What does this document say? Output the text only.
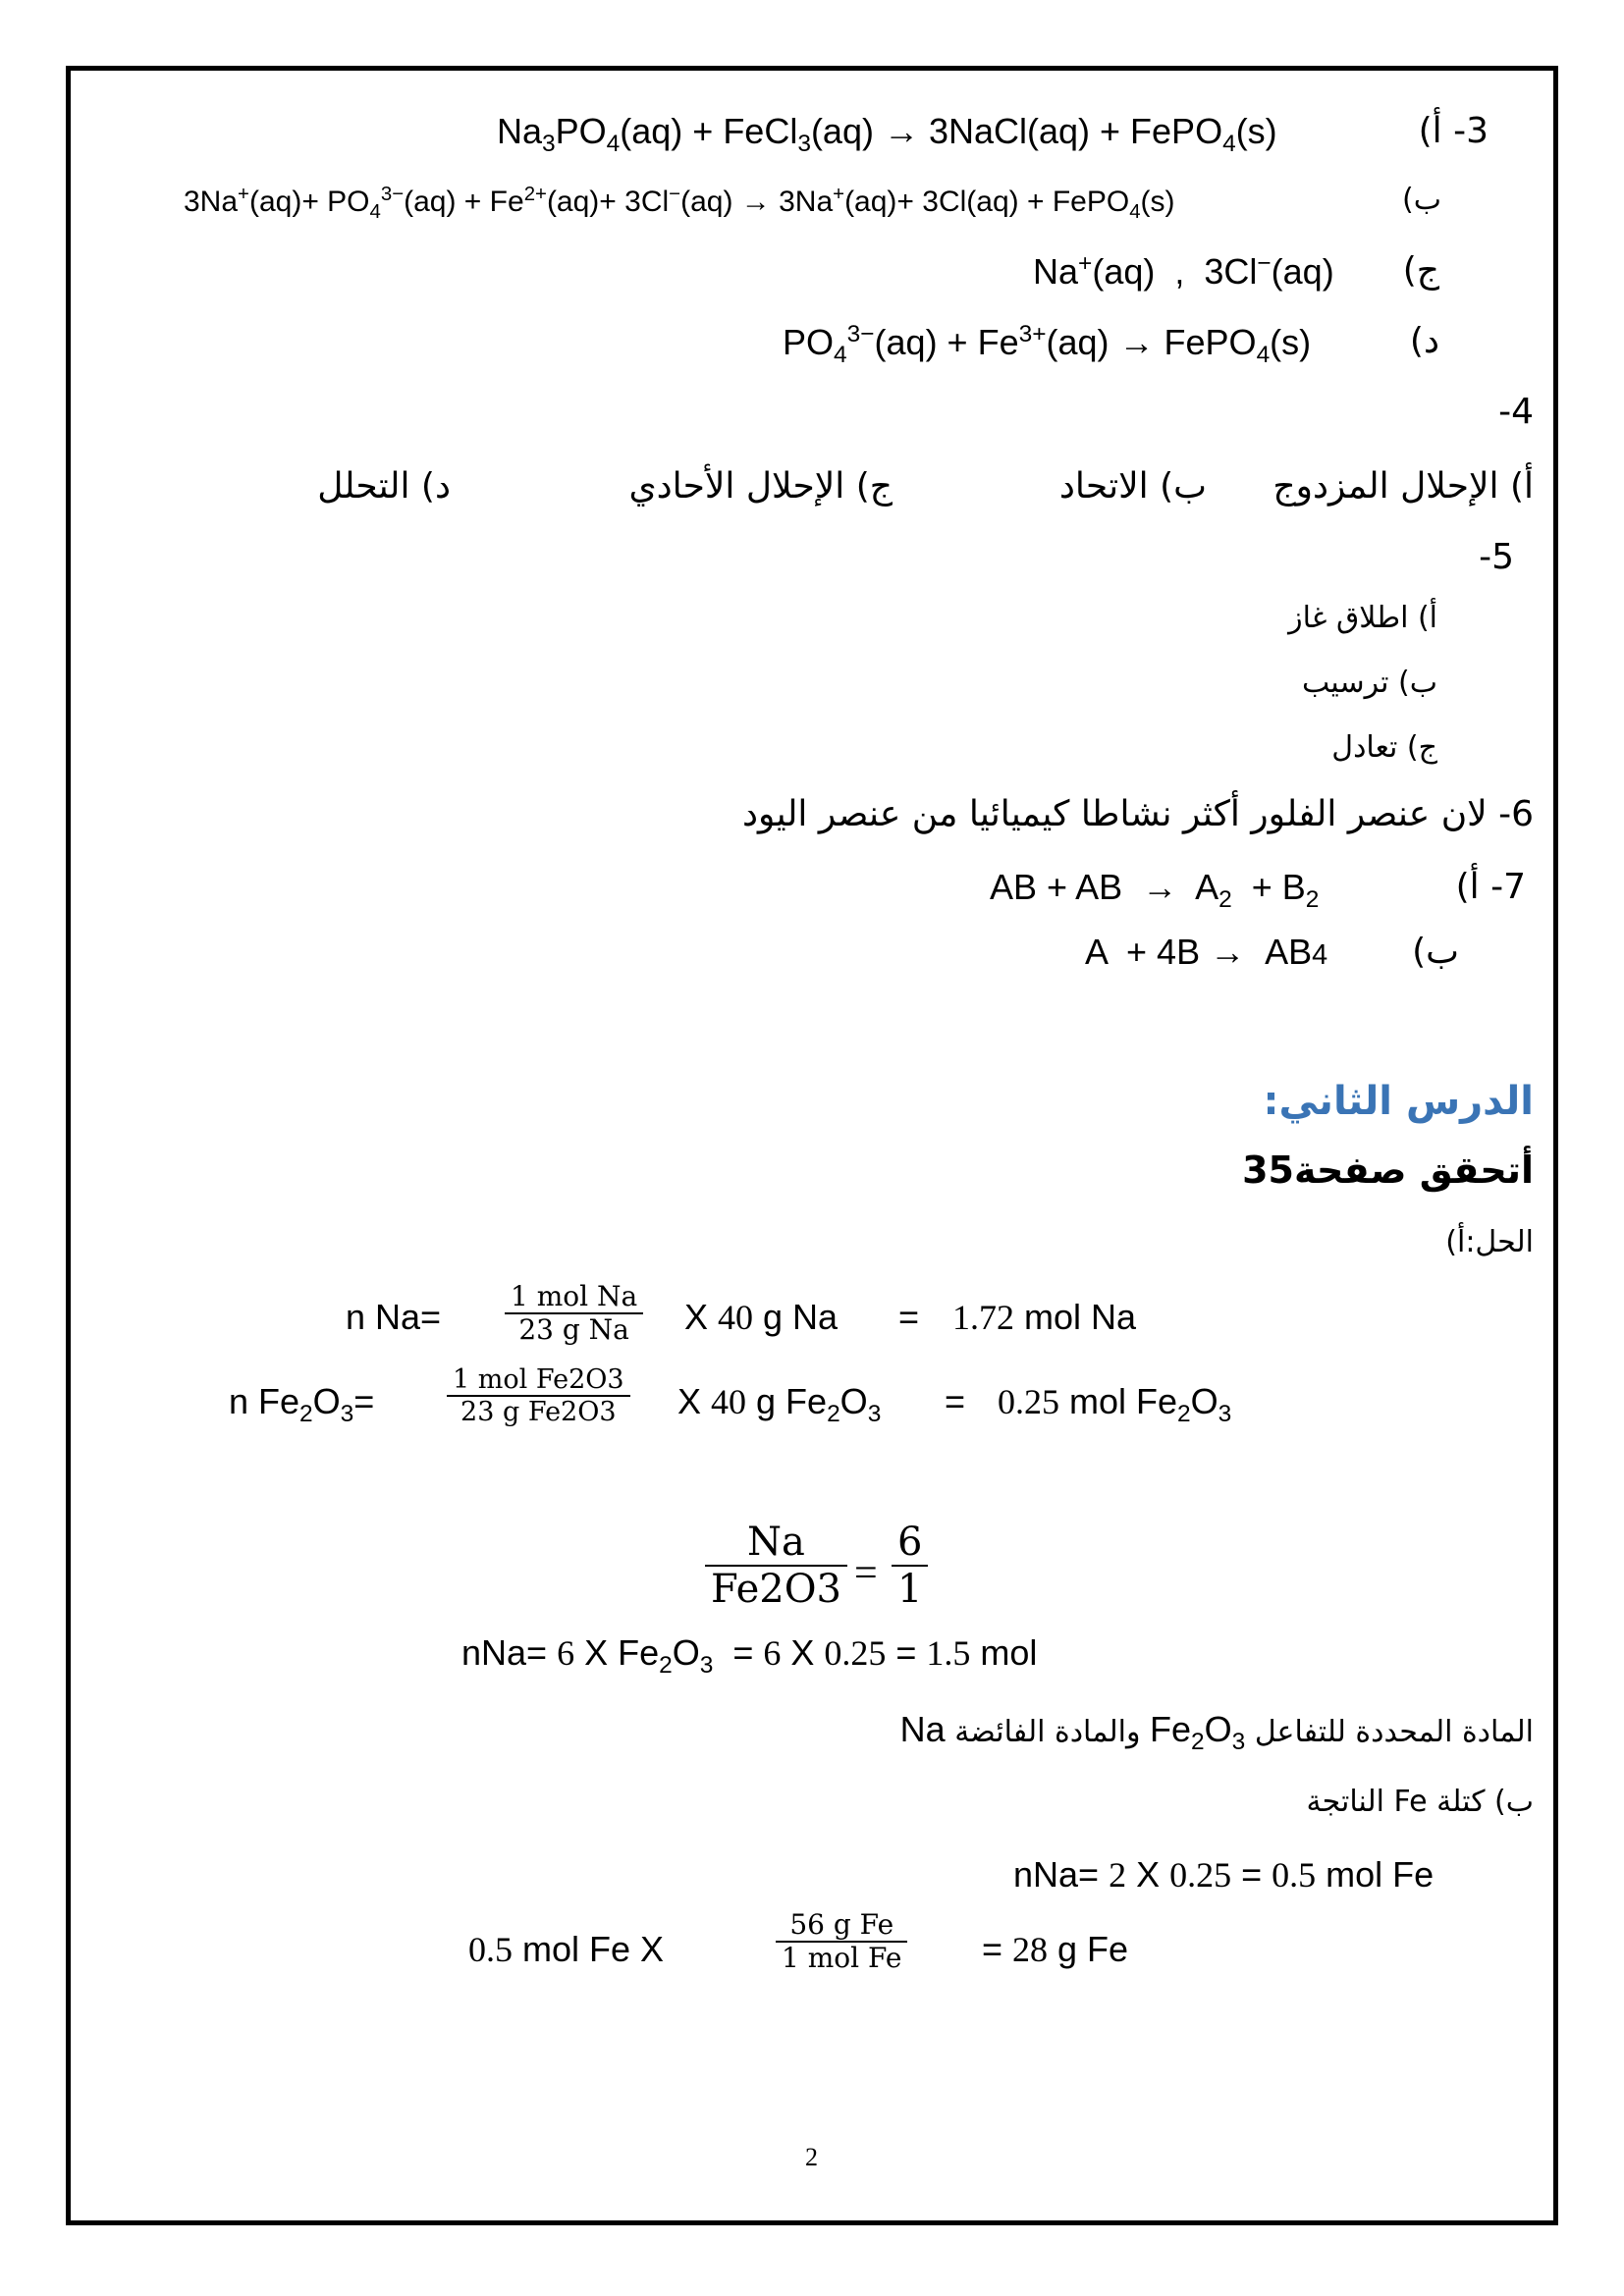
3- أ)
$Na_3PO_4(aq)$ + FeCl$_3$(aq) → 3NaCl(aq) + FePO$_4$(s)
ب)
$3Na^+(aq)+ PO_4^{3-}(aq) + Fe^{2+}(aq)+ 3Cl^-(aq) \to 3Na^+(aq)+ 3Cl(aq)$ + FePO$_4$(s)
ج)
Na+(aq)  ,  3Cl−(aq)
د)
$PO_4^{3-}(aq) + Fe^{3+}(aq)$ → FePO$_4$(s)
4-
أ) الإحلال المزدوج
ب) الاتحاد
ج) الإحلال الأحادي
د) التحلل
5-
أ) اطلاق غاز
ب) ترسيب
ج) تعادل
6- لان عنصر الفلور أكثر نشاطا كيميائيا من عنصر اليود
7- أ)
AB + AB  →  $A_2 + B_2$
ب)
A  + 4B →  AB4
الدرس الثاني:
أتحقق صفحة35
الحل:أ)
n Na=
1 mol Na
23 g Na X 40 g Na = 1.72 mol Na
n $Fe_2O_3=$
1 mol Fe2O3
23 g Fe2O3 X 40 g $Fe_2O_3 = 0.25$ mol $Fe_2O_3$
Na
Fe2O3 =
6
1
nNa= 6 X $Fe_2O_3 = 6$ X 0.25 = 1.5 mol
المادة المحددة للتفاعل $Fe_2O_3$ والمادة الفائضة Na
ب) كتلة Fe الناتجة
nNa= 2 X 0.25 = 0.5 mol Fe
0.5 mol Fe X
56 g Fe
1 mol Fe = 28 g Fe
2
